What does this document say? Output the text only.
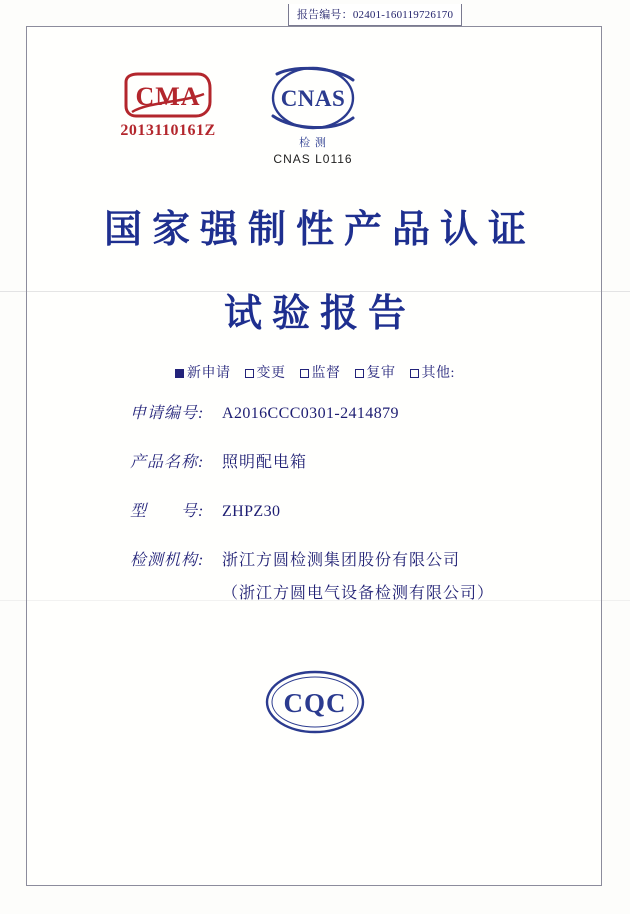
报告编号：02401-160119726170
CMA
2013110161Z
CNAS
检 测
CNAS L0116
国家强制性产品认证
试验报告
新申请 变更 监督 复审 其他:
申请编号:	A2016CCC0301-2414879
产品名称:	照明配电箱
型　　号:	ZHPZ30
检测机构:	浙江方圆检测集团股份有限公司
（浙江方圆电气设备检测有限公司）
CQC
